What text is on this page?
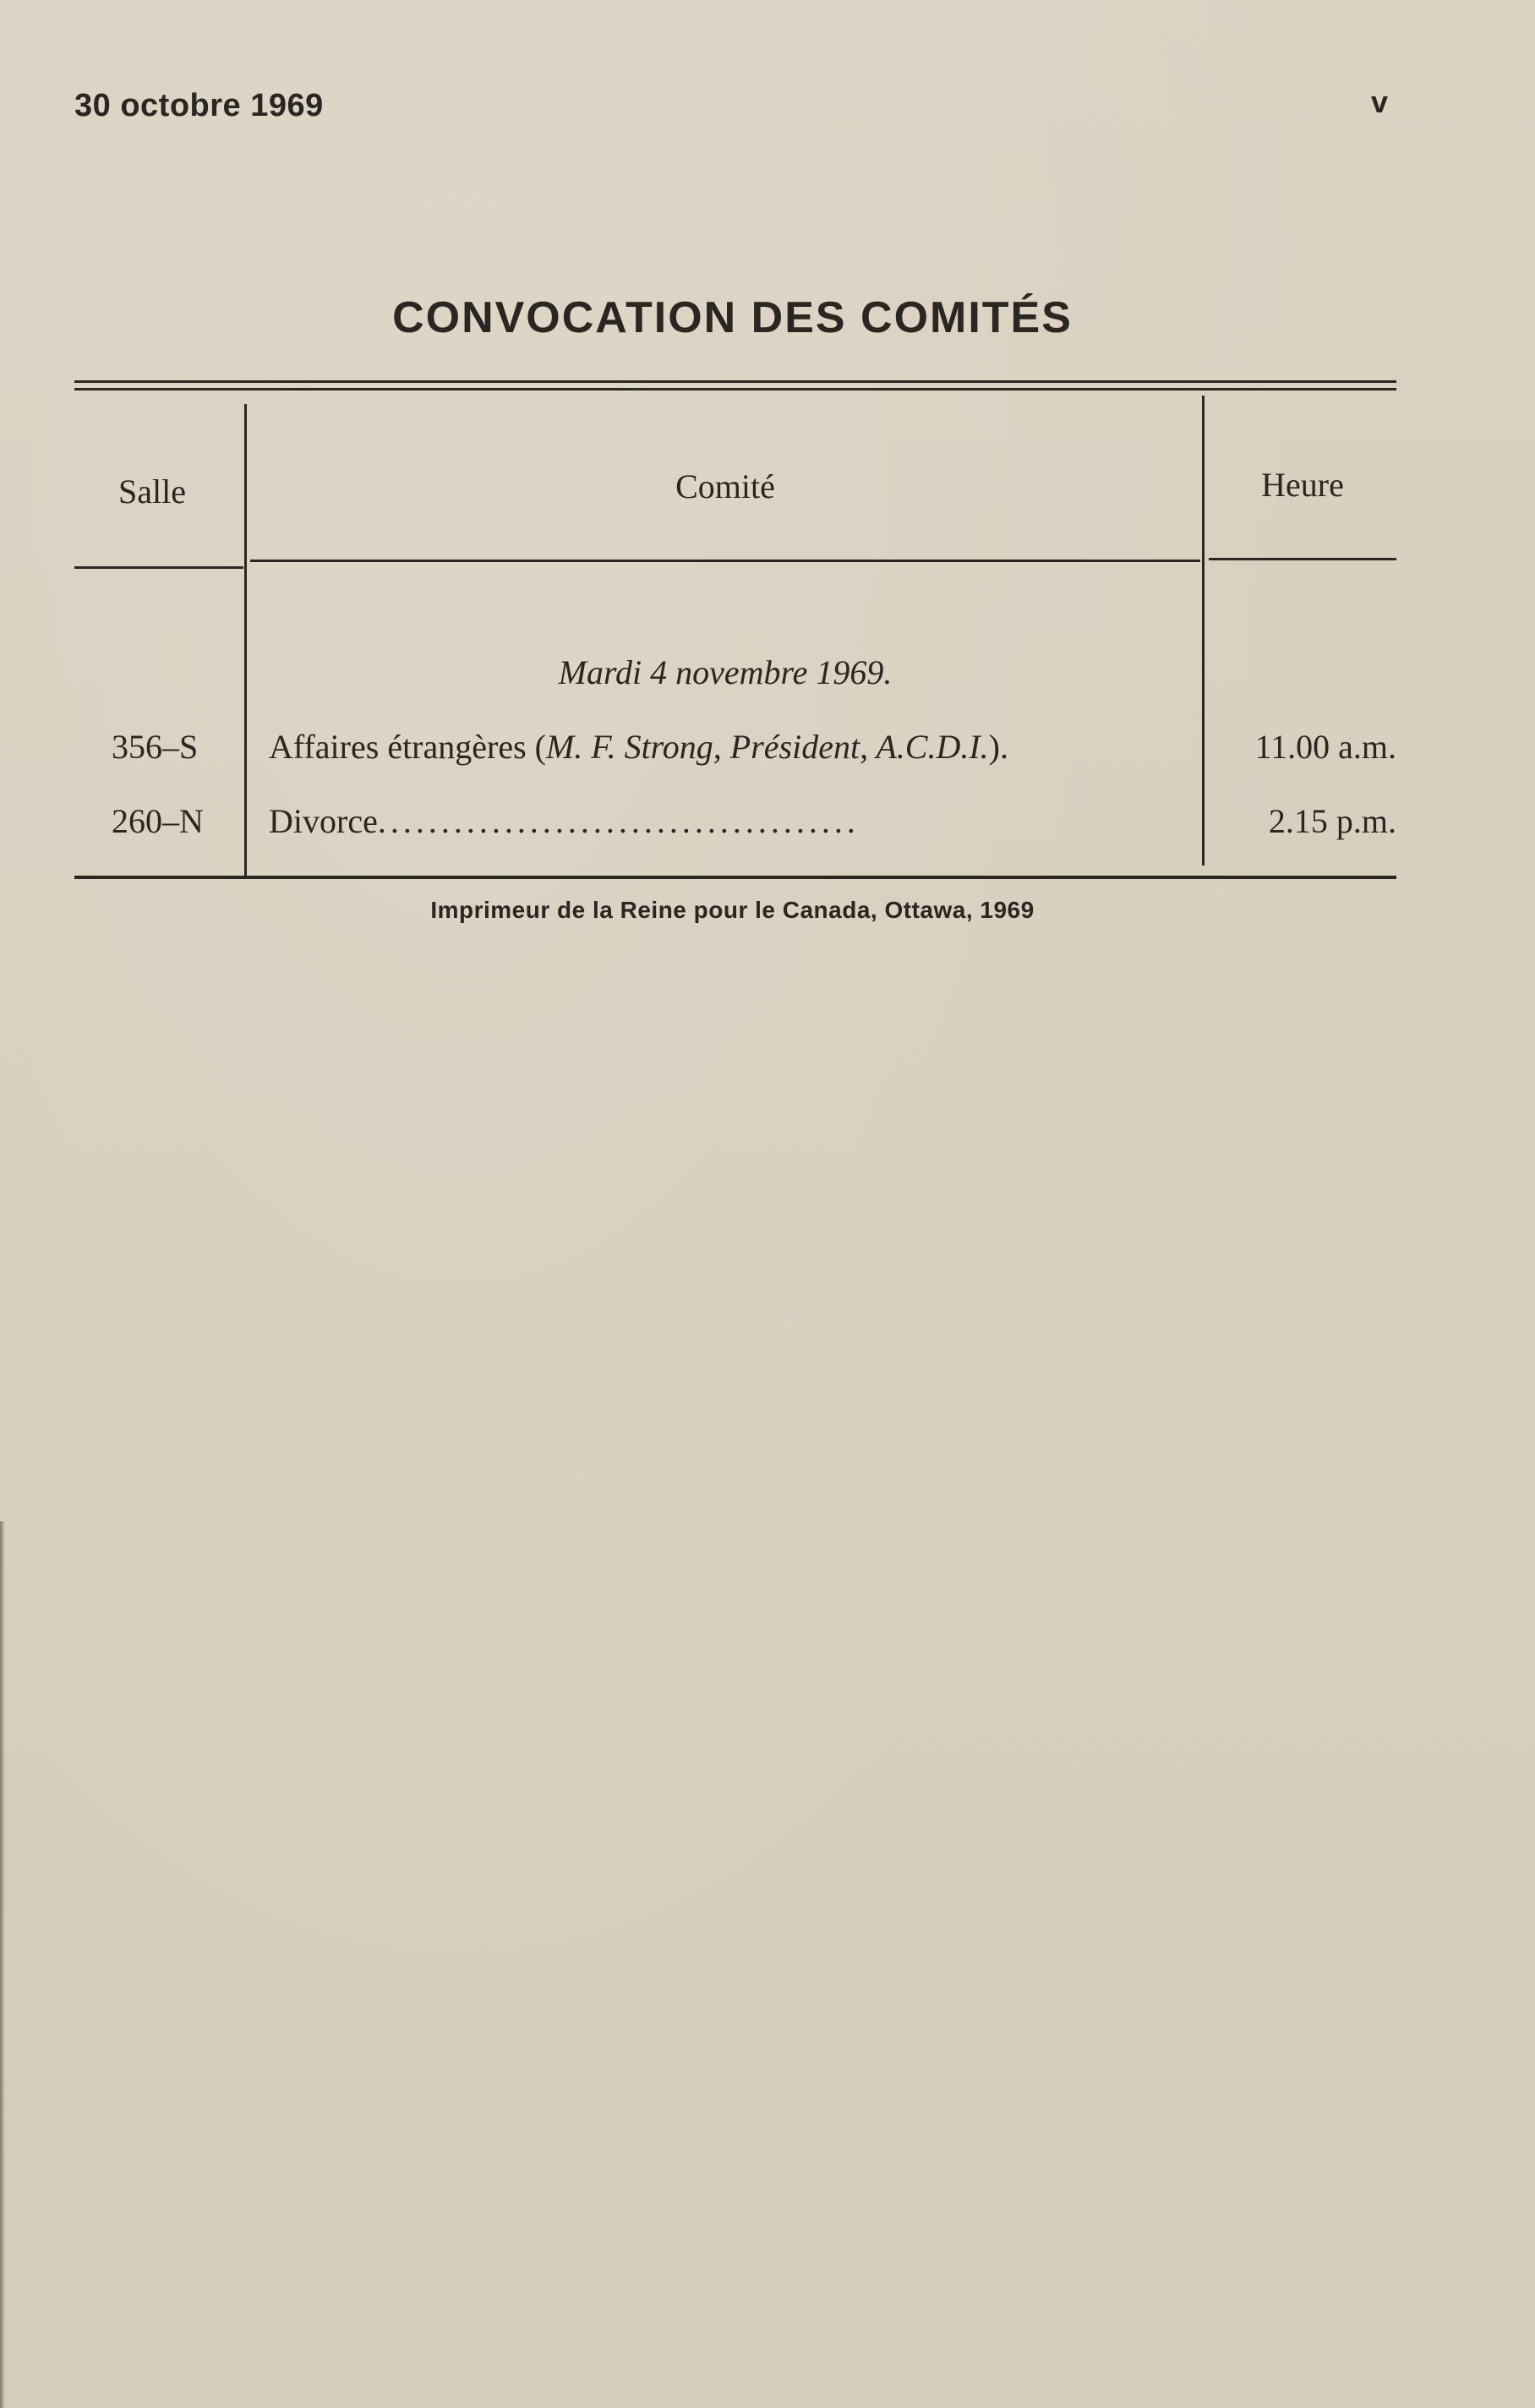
30 octobre 1969	v
CONVOCATION DES COMITÉS
Salle	Comité	Heure
Mardi 4 novembre 1969.
356–S Affaires étrangères (M. F. Strong, Président, A.C.D.I.).	11.00 a.m.
260–N Divorce......................................	2.15 p.m.
Imprimeur de la Reine pour le Canada, Ottawa, 1969
